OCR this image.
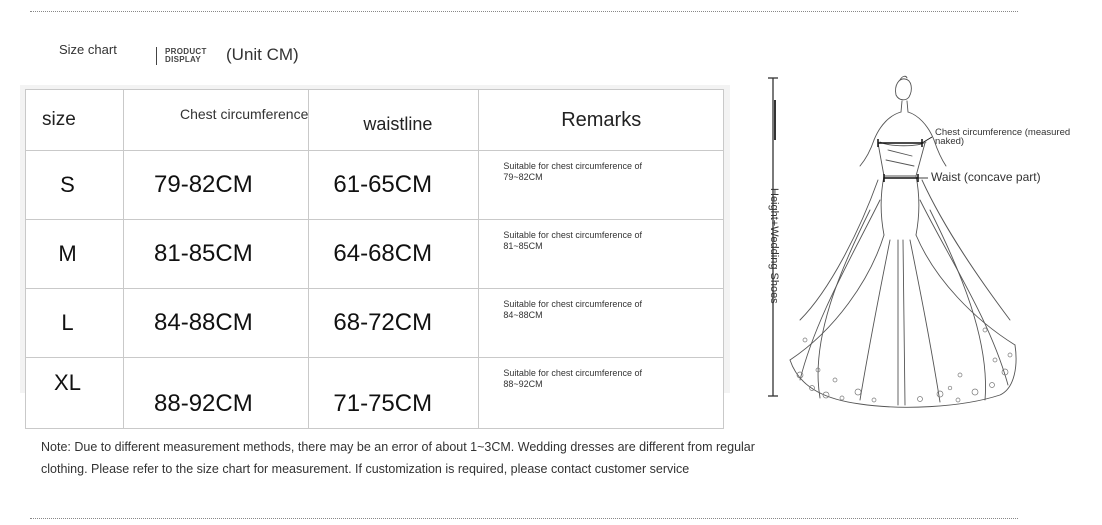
Size chart	PRODUCT
DISPLAY	(Unit CM)
size	Chest circumference	waistline	Remarks
S	79-82CM	61-65CM	Suitable for chest circumference of
79~82CM

M	81-85CM	64-68CM	Suitable for chest circumference of
81~85CM

L	84-88CM	68-72CM	Suitable for chest circumference of
84~88CM

XL	88-92CM	71-75CM	Suitable for chest circumference of
88~92CM
Height+Wedding Shoes
Chest circumference (measured
naked)
Waist (concave part)
Note: Due to different measurement methods, there may be an error of about 1~3CM. Wedding dresses are different from regular
clothing. Please refer to the size chart for measurement. If customization is required, please contact customer service
